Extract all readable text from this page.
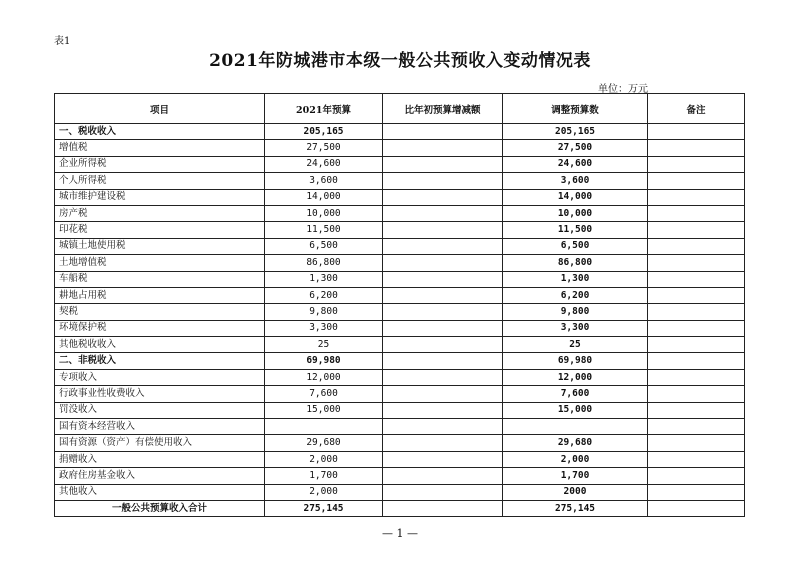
表1
2021年防城港市本级一般公共预收入变动情况表
单位：万元
项目	2021年预算	比年初预算增减额	调整预算数	备注
一、税收收入	205,165		205,165	
增值税	27,500		27,500	
企业所得税	24,600		24,600	
个人所得税	3,600		3,600	
城市维护建设税	14,000		14,000	
房产税	10,000		10,000	
印花税	11,500		11,500	
城镇土地使用税	6,500		6,500	
土地增值税	86,800		86,800	
车船税	1,300		1,300	
耕地占用税	6,200		6,200	
契税	9,800		9,800	
环境保护税	3,300		3,300	
其他税收收入	25		25	
二、非税收入	69,980		69,980	
专项收入	12,000		12,000	
行政事业性收费收入	7,600		7,600	
罚没收入	15,000		15,000	
国有资本经营收入				
国有资源（资产）有偿使用收入	29,680		29,680	
捐赠收入	2,000		2,000	
政府住房基金收入	1,700		1,700	
其他收入	2,000		2000	
一般公共预算收入合计	275,145		275,145	
— 1 —
